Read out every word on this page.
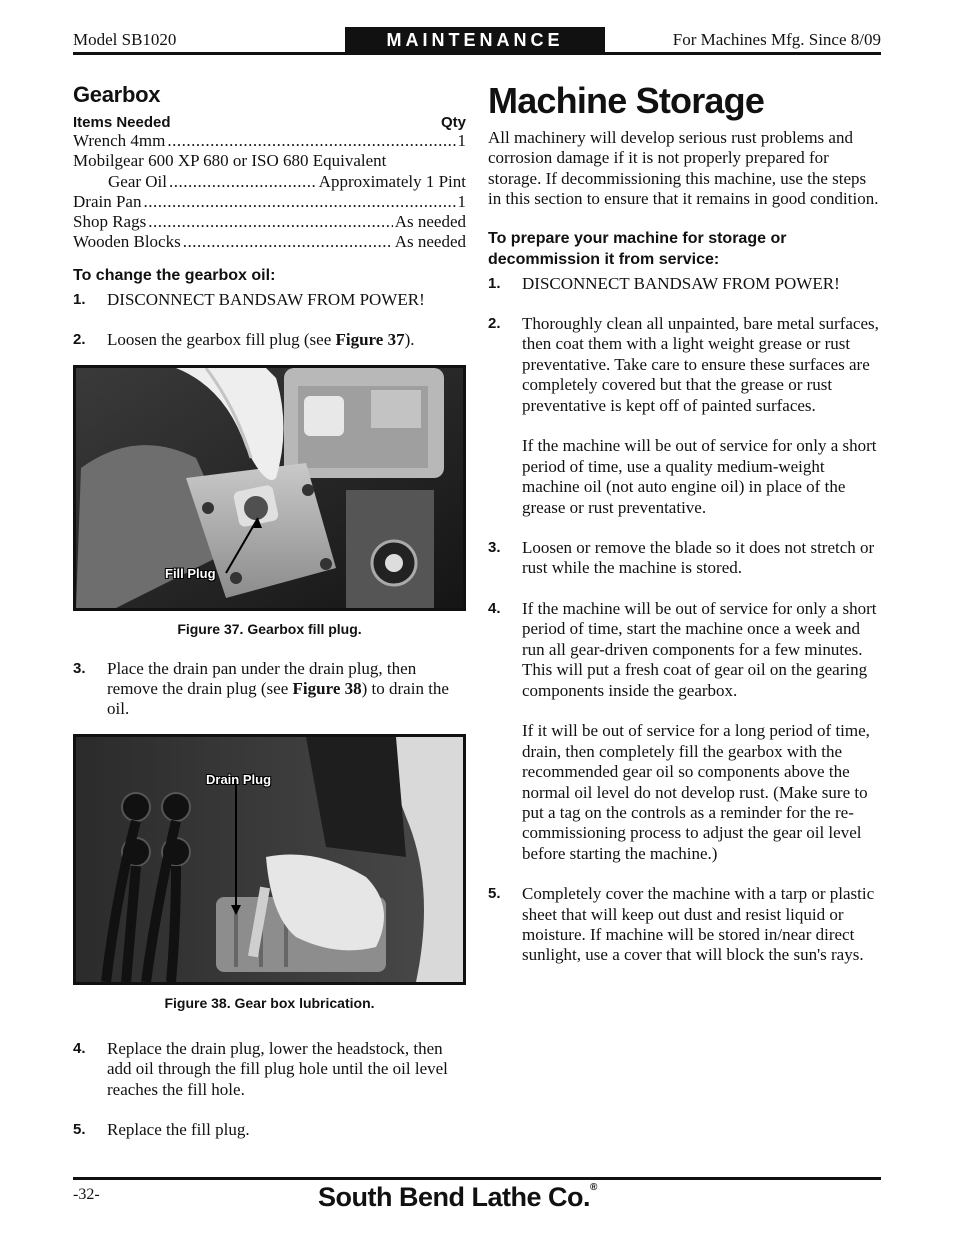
Model SB1020	MAINTENANCE	For Machines Mfg. Since 8/09
Gearbox
Items Needed	Qty
Wrench 4mm .....	1
Mobilgear 600 XP 680 or ISO 680 Equivalent
Gear Oil .....	Approximately 1 Pint
Drain Pan .....	1
Shop Rags .....	As needed
Wooden Blocks .....	As needed
To change the gearbox oil:
1.	DISCONNECT BANDSAW FROM POWER!
2.	Loosen the gearbox fill plug (see Figure 37).
Fill Plug
Figure 37. Gearbox fill plug.
3.	Place the drain pan under the drain plug, then remove the drain plug (see Figure 38) to drain the oil.
Drain Plug
Figure 38. Gear box lubrication.
4.	Replace the drain plug, lower the headstock, then add oil through the fill plug hole until the oil level reaches the fill hole.
5.	Replace the fill plug.
Machine Storage
All machinery will develop serious rust problems and corrosion damage if it is not properly prepared for storage. If decommissioning this machine, use the steps in this section to ensure that it remains in good condition.
To prepare your machine for storage or decommission it from service:
1.	DISCONNECT BANDSAW FROM POWER!

2.	Thoroughly clean all unpainted, bare metal surfaces, then coat them with a light weight grease or rust preventative. Take care to ensure these surfaces are completely covered but that the grease or rust preventative is kept off of painted surfaces.

If the machine will be out of service for only a short period of time, use a quality medium-weight machine oil (not auto engine oil) in place of the grease or rust preventative.

3.	Loosen or remove the blade so it does not stretch or rust while the machine is stored.

4.	If the machine will be out of service for only a short period of time, start the machine once a week and run all gear-driven components for a few minutes. This will put a fresh coat of gear oil on the gearing components inside the gearbox.

If it will be out of service for a long period of time, drain, then completely fill the gearbox with the recommended gear oil so components above the normal oil level do not develop rust. (Make sure to put a tag on the controls as a reminder for the re-commissioning process to adjust the gear oil level before starting the machine.)

5.	Completely cover the machine with a tarp or plastic sheet that will keep out dust and resist liquid or moisture. If machine will be stored in/near direct sunlight, use a cover that will block the sun's rays.

-32-	South Bend Lathe Co.®
